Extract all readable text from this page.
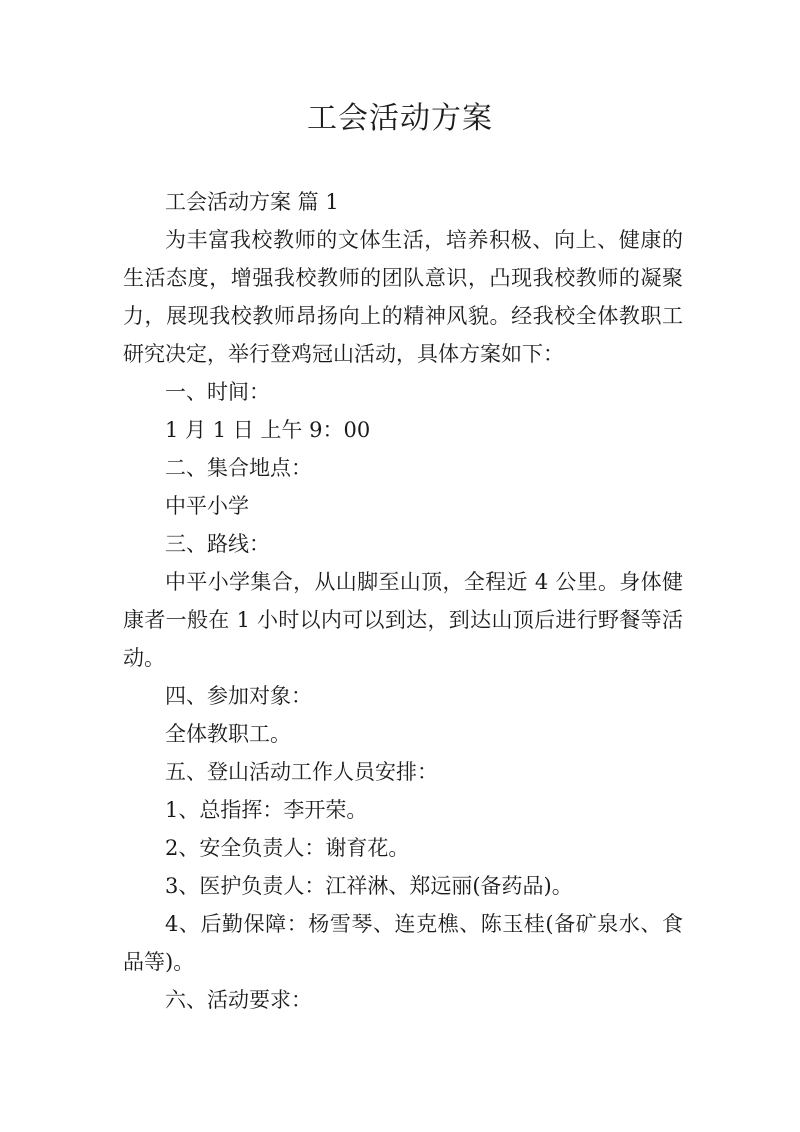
工会活动方案

工会活动方案 篇 1

为丰富我校教师的文体生活，培养积极、向上、健康的生活态度，增强我校教师的团队意识，凸现我校教师的凝聚力，展现我校教师昂扬向上的精神风貌。经我校全体教职工研究决定，举行登鸡冠山活动，具体方案如下：

一、时间：

1 月 1 日 上午 9：00

二、集合地点：

中平小学

三、路线：

中平小学集合，从山脚至山顶，全程近 4 公里。身体健康者一般在 1 小时以内可以到达，到达山顶后进行野餐等活动。

四、参加对象：

全体教职工。

五、登山活动工作人员安排：

1、总指挥：李开荣。

2、安全负责人：谢育花。

3、医护负责人：江祥淋、郑远丽(备药品)。

4、后勤保障：杨雪琴、连克樵、陈玉桂(备矿泉水、食品等)。

六、活动要求：
